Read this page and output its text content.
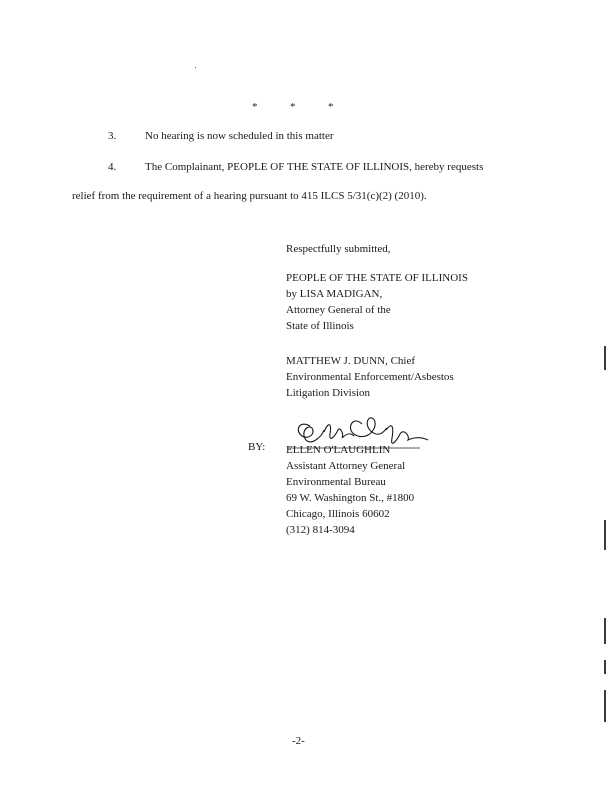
*	*	*
3.	No hearing is now scheduled in this matter
4.	The Complainant, PEOPLE OF THE STATE OF ILLINOIS, hereby requests
relief from the requirement of a hearing pursuant to 415 ILCS 5/31(c)(2) (2010).
Respectfully submitted,
PEOPLE OF THE STATE OF ILLINOIS
by LISA MADIGAN,
Attorney General of the
State of Illinois
MATTHEW J. DUNN, Chief
Environmental Enforcement/Asbestos
Litigation Division
BY: ELLEN O'LAUGHLIN
Assistant Attorney General
Environmental Bureau
69 W. Washington St., #1800
Chicago, Illinois 60602
(312) 814-3094
-2-
